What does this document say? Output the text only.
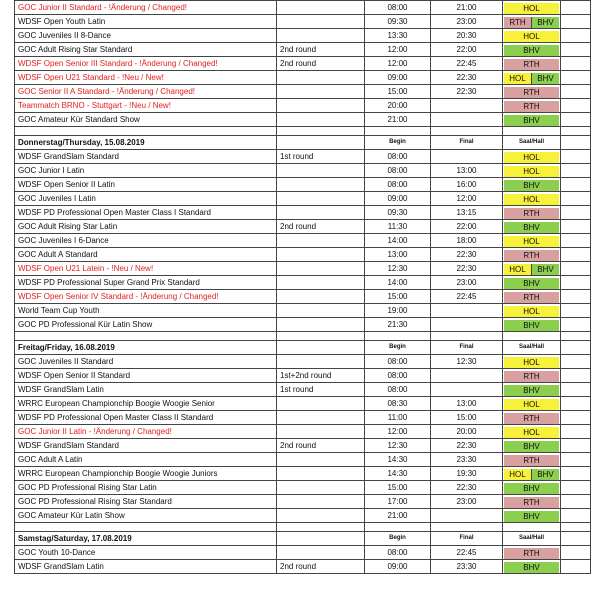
GOC Junior II Standard - !Änderung / Changed!		08:00	21:00	HOL	

WDSF Open Youth Latin		09:30	23:00	RTH BHV	

GOC Juveniles II 8-Dance		13:30	20:30	HOL	

GOC Adult Rising Star Standard	2nd round	12:00	22:00	BHV	

WDSF Open Senior III Standard - !Änderung / Changed!	2nd round	12:00	22:45	RTH	

WDSF Open U21 Standard - !Neu / New!		09:00	22:30	HOL BHV	

GOC Senior II A Standard - !Änderung / Changed!		15:00	22:30	RTH	

Teammatch BRNO - Stuttgart - !Neu / New!		20:00		RTH	

GOC Amateur Kür Standard Show		21:00		BHV	

Donnerstag/Thursday, 15.08.2019		Begin	Final	Saal/Hall	
WDSF GrandSlam Standard	1st round	08:00		HOL	

GOC Junior I Latin		08:00	13:00	HOL	

WDSF Open Senior II Latin		08:00	16:00	BHV	

GOC Juveniles I Latin		09:00	12:00	HOL	

WDSF PD Professional Open Master Class I Standard		09:30	13:15	RTH	

GOC Adult Rising Star Latin	2nd round	11:30	22:00	BHV	

GOC Juveniles I 6-Dance		14:00	18:00	HOL	

GOC Adult A Standard		13:00	22:30	RTH	

WDSF Open U21 Latein - !Neu / New!		12:30	22:30	HOL BHV	

WDSF PD Professional Super Grand Prix Standard		14:00	23:00	BHV	

WDSF Open Senior IV Standard - !Änderung / Changed!		15:00	22:45	RTH	

World Team Cup Youth		19:00		HOL	

GOC PD Professional Kür Latin Show		21:30		BHV	

Freitag/Friday, 16.08.2019		Begin	Final	Saal/Hall	
GOC Juveniles II Standard		08:00	12:30	HOL	

WDSF Open Senior II Standard	1st+2nd round	08:00		RTH	

WDSF GrandSlam Latin	1st round	08:00		BHV	

WRRC European Championchip Boogie Woogie Senior		08:30	13:00	HOL	

WDSF PD Professional Open Master Class II Standard		11:00	15:00	RTH	

GOC Junior II Latin - !Änderung / Changed!		12:00	20:00	HOL	

WDSF GrandSlam Standard	2nd round	12:30	22:30	BHV	

GOC Adult A Latin		14:30	23:30	RTH	

WRRC European Championchip Boogie Woogie Juniors		14:30	19:30	HOL BHV	

GOC PD Professional Rising Star Latin		15:00	22:30	BHV	

GOC PD Professional Rising Star Standard		17:00	23:00	RTH	

GOC Amateur Kür Latin Show		21:00		BHV	

Samstag/Saturday, 17.08.2019		Begin	Final	Saal/Hall	
GOC Youth 10-Dance		08:00	22:45	RTH	

WDSF GrandSlam Latin	2nd round	09:00	23:30	BHV	
